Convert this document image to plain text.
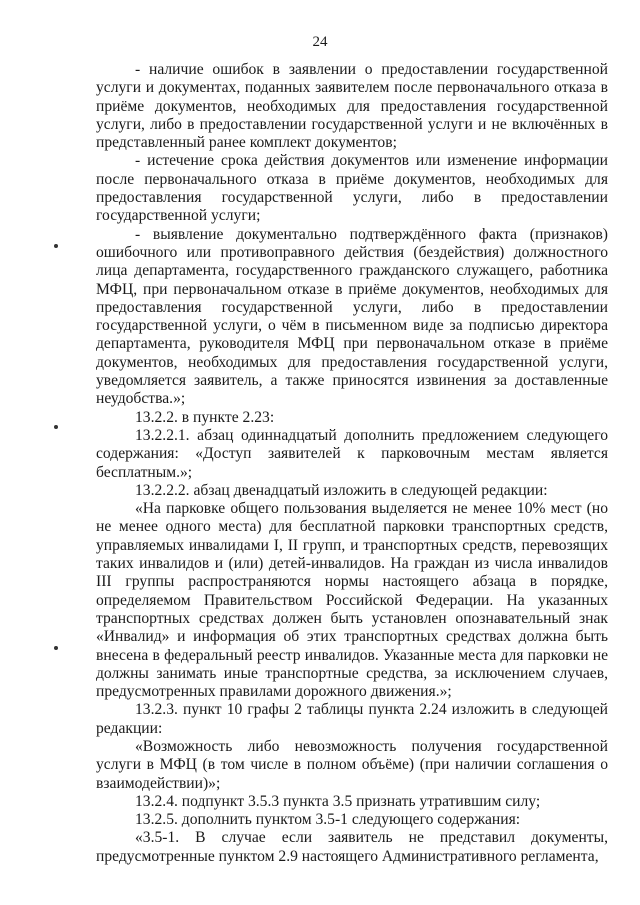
24

- наличие ошибок в заявлении о предоставлении государственной услуги и документах, поданных заявителем после первоначального отказа в приёме документов, необходимых для предоставления государственной услуги, либо в предоставлении государственной услуги и не включённых в представленный ранее комплект документов;

- истечение срока действия документов или изменение информации после первоначального отказа в приёме документов, необходимых для предоставления государственной услуги, либо в предоставлении государственной услуги;

- выявление документально подтверждённого факта (признаков) ошибочного или противоправного действия (бездействия) должностного лица департамента, государственного гражданского служащего, работника МФЦ, при первоначальном отказе в приёме документов, необходимых для предоставления государственной услуги, либо в предоставлении государственной услуги, о чём в письменном виде за подписью директора департамента, руководителя МФЦ при первоначальном отказе в приёме документов, необходимых для предоставления государственной услуги, уведомляется заявитель, а также приносятся извинения за доставленные неудобства.»;

13.2.2. в пункте 2.23:

13.2.2.1. абзац одиннадцатый дополнить предложением следующего содержания: «Доступ заявителей к парковочным местам является бесплатным.»;

13.2.2.2. абзац двенадцатый изложить в следующей редакции:

«На парковке общего пользования выделяется не менее 10% мест (но не менее одного места) для бесплатной парковки транспортных средств, управляемых инвалидами I, II групп, и транспортных средств, перевозящих таких инвалидов и (или) детей-инвалидов. На граждан из числа инвалидов III группы распространяются нормы настоящего абзаца в порядке, определяемом Правительством Российской Федерации. На указанных транспортных средствах должен быть установлен опознавательный знак «Инвалид» и информация об этих транспортных средствах должна быть внесена в федеральный реестр инвалидов. Указанные места для парковки не должны занимать иные транспортные средства, за исключением случаев, предусмотренных правилами дорожного движения.»;

13.2.3. пункт 10 графы 2 таблицы пункта 2.24 изложить в следующей редакции:

«Возможность либо невозможность получения государственной услуги в МФЦ (в том числе в полном объёме) (при наличии соглашения о взаимодействии)»;

13.2.4. подпункт 3.5.3 пункта 3.5 признать утратившим силу;

13.2.5. дополнить пунктом 3.5-1 следующего содержания:

«3.5-1. В случае если заявитель не представил документы, предусмотренные пунктом 2.9 настоящего Административного регламента,
